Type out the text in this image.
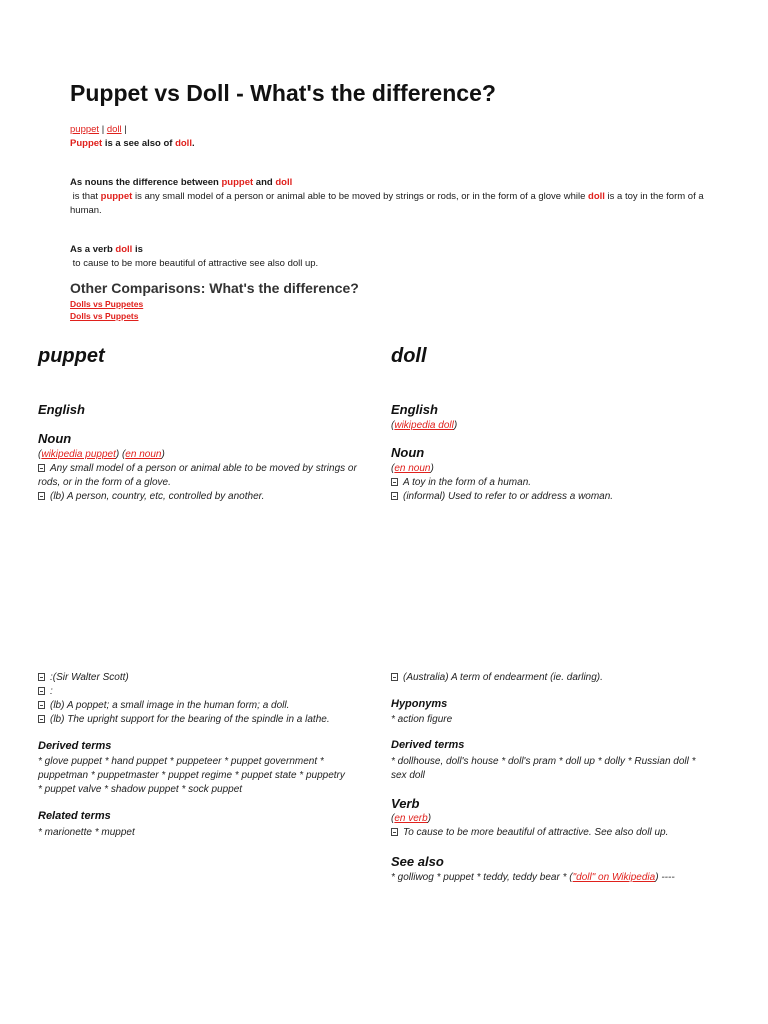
Puppet vs Doll - What's the difference?
puppet | doll |
Puppet is a see also of doll.
As nouns the difference between puppet and doll
is that puppet is any small model of a person or animal able to be moved by strings or rods, or in the form of a glove while doll is a toy in the form of a human.
As a verb doll is
to cause to be more beautiful of attractive see also doll up.
Other Comparisons: What's the difference?
Dolls vs Puppetes
Dolls vs Puppets
puppet
English
Noun
(wikipedia puppet) (en noun)
Any small model of a person or animal able to be moved by strings or
rods, or in the form of a glove.
(lb) A person, country, etc, controlled by another.
:(Sir Walter Scott)
:
(lb) A poppet; a small image in the human form; a doll.
(lb) The upright support for the bearing of the spindle in a lathe.
Derived terms
* glove puppet * hand puppet * puppeteer * puppet government *
puppetman * puppetmaster * puppet regime * puppet state * puppetry
* puppet valve * shadow puppet * sock puppet
Related terms
* marionette * muppet
doll
English
(wikipedia doll)
Noun
(en noun)
A toy in the form of a human.
(informal) Used to refer to or address a woman.
(Australia) A term of endearment (ie. darling).
Hyponyms
* action figure
Derived terms
* dollhouse, doll's house * doll's pram * doll up * dolly * Russian doll *
sex doll
Verb
(en verb)
To cause to be more beautiful of attractive. See also doll up.
See also
* golliwog * puppet * teddy, teddy bear * ("doll" on Wikipedia) ----
